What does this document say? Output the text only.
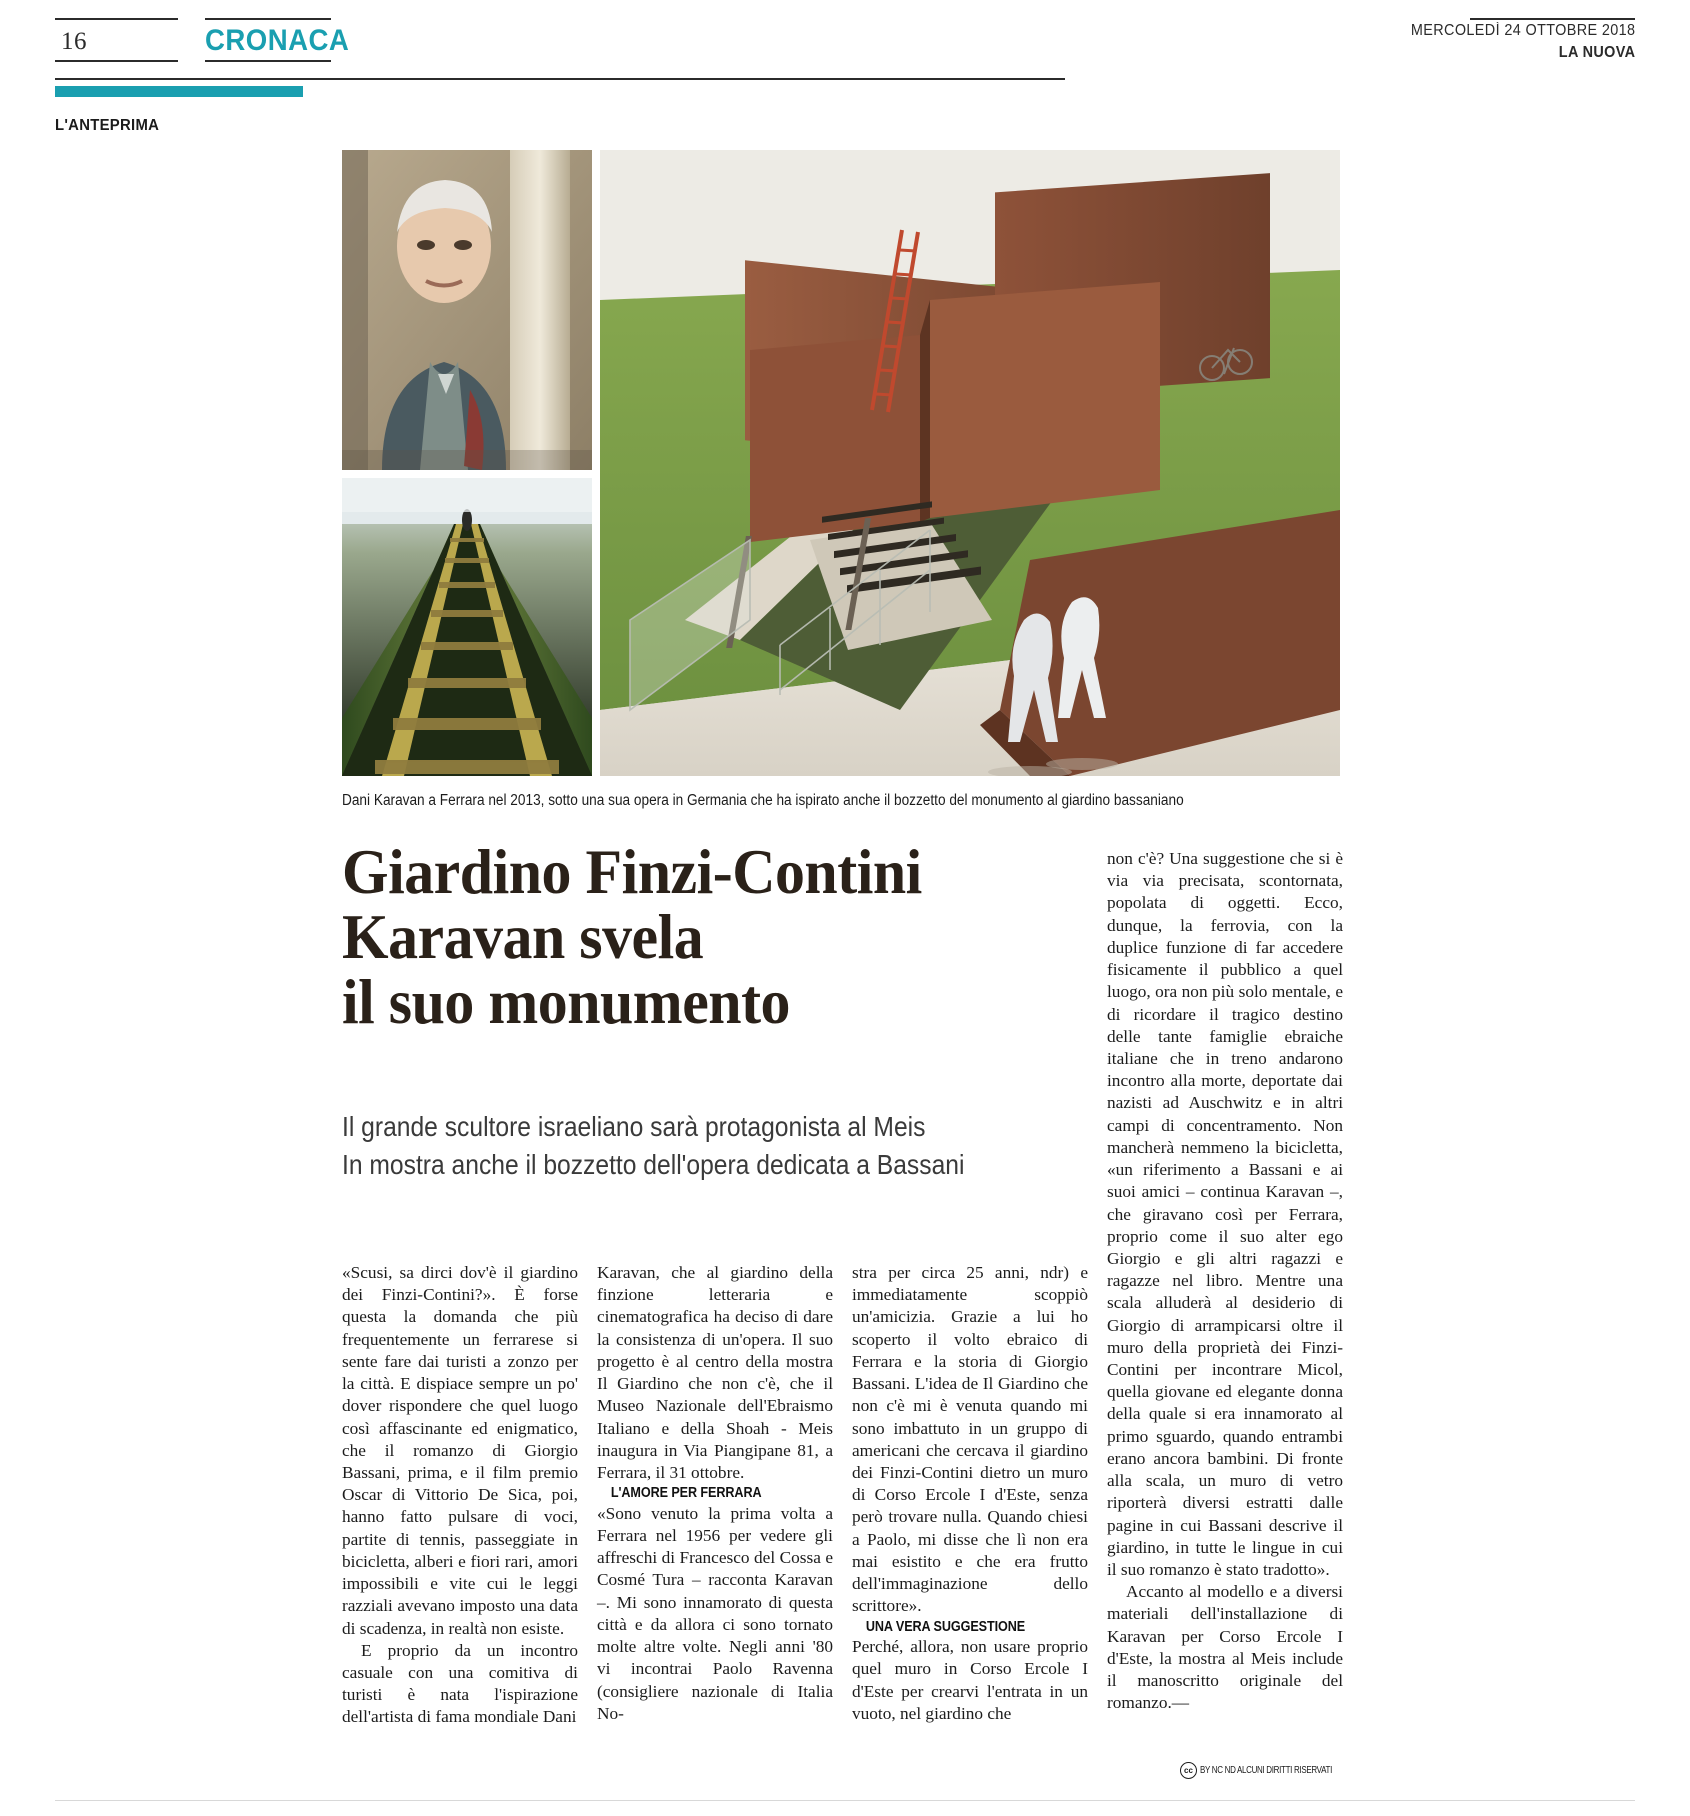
16	CRONACA	MERCOLEDÌ 24 OTTOBRE 2018
LA NUOVA
L'ANTEPRIMA
Dani Karavan a Ferrara nel 2013, sotto una sua opera in Germania che ha ispirato anche il bozzetto del monumento al giardino bassaniano
Giardino Finzi-Contini
Karavan svela
il suo monumento
Il grande scultore israeliano sarà protagonista al Meis
In mostra anche il bozzetto dell'opera dedicata a Bassani

«Scusi, sa dirci dov'è il giardino dei Finzi-Contini?». È forse questa la domanda che più frequentemente un ferrarese si sente fare dai turisti a zonzo per la città. E dispiace sempre un po' dover rispondere che quel luogo così affascinante ed enigmatico, che il romanzo di Giorgio Bassani, prima, e il film premio Oscar di Vittorio De Sica, poi, hanno fatto pulsare di voci, partite di tennis, passeggiate in bicicletta, alberi e fiori rari, amori impossibili e vite cui le leggi razziali avevano imposto una data di scadenza, in realtà non esiste.

E proprio da un incontro casuale con una comitiva di turisti è nata l'ispirazione dell'artista di fama mondiale Dani

Karavan, che al giardino della finzione letteraria e cinematografica ha deciso di dare la consistenza di un'opera. Il suo progetto è al centro della mostra Il Giardino che non c'è, che il Museo Nazionale dell'Ebraismo Italiano e della Shoah - Meis inaugura in Via Piangipane 81, a Ferrara, il 31 ottobre.

L'AMORE PER FERRARA

«Sono venuto la prima volta a Ferrara nel 1956 per vedere gli affreschi di Francesco del Cossa e Cosmé Tura – racconta Karavan –. Mi sono innamorato di questa città e da allora ci sono tornato molte altre volte. Negli anni '80 vi incontrai Paolo Ravenna (consigliere nazionale di Italia No-

stra per circa 25 anni, ndr) e immediatamente scoppiò un'amicizia. Grazie a lui ho scoperto il volto ebraico di Ferrara e la storia di Giorgio Bassani. L'idea de Il Giardino che non c'è mi è venuta quando mi sono imbattuto in un gruppo di americani che cercava il giardino dei Finzi-Contini dietro un muro di Corso Ercole I d'Este, senza però trovare nulla. Quando chiesi a Paolo, mi disse che lì non era mai esistito e che era frutto dell'immaginazione dello scrittore».

UNA VERA SUGGESTIONE

Perché, allora, non usare proprio quel muro in Corso Ercole I d'Este per crearvi l'entrata in un vuoto, nel giardino che

non c'è? Una suggestione che si è via via precisata, scontornata, popolata di oggetti. Ecco, dunque, la ferrovia, con la duplice funzione di far accedere fisicamente il pubblico a quel luogo, ora non più solo mentale, e di ricordare il tragico destino delle tante famiglie ebraiche italiane che in treno andarono incontro alla morte, deportate dai nazisti ad Auschwitz e in altri campi di concentramento. Non mancherà nemmeno la bicicletta, «un riferimento a Bassani e ai suoi amici – continua Karavan –, che giravano così per Ferrara, proprio come il suo alter ego Giorgio e gli altri ragazzi e ragazze nel libro. Mentre una scala alluderà al desiderio di Giorgio di arrampicarsi oltre il muro della proprietà dei Finzi-Contini per incontrare Micol, quella giovane ed elegante donna della quale si era innamorato al primo sguardo, quando entrambi erano ancora bambini. Di fronte alla scala, un muro di vetro riporterà diversi estratti dalle pagine in cui Bassani descrive il giardino, in tutte le lingue in cui il suo romanzo è stato tradotto».

Accanto al modello e a diversi materiali dell'installazione di Karavan per Corso Ercole I d'Este, la mostra al Meis include il manoscritto originale del romanzo.—

cc BY NC ND ALCUNI DIRITTI RISERVATI
